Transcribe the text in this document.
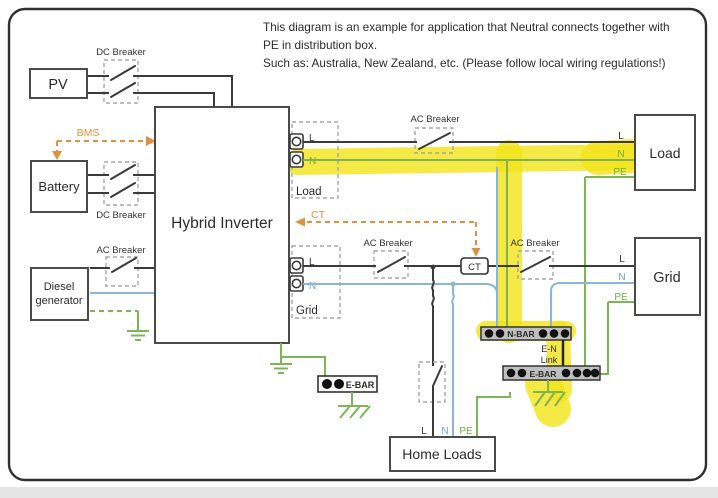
This diagram is an example for application that Neutral connects together with
PE in distribution box.
Such as: Australia, New Zealand, etc. (Please follow local wiring regulations!)
DC Breaker
PV
BMS
DC Breaker
Battery
AC Breaker
Diesel
generator
Hybrid Inverter
Load
L
N
AC Breaker
L
N
PE
Load
CT
Grid
L
N
AC Breaker	AC Breaker
L
N
PE
Grid
CT
L N PE
Home Loads
N-BAR
E-N
Link
E-BAR
E-BAR
